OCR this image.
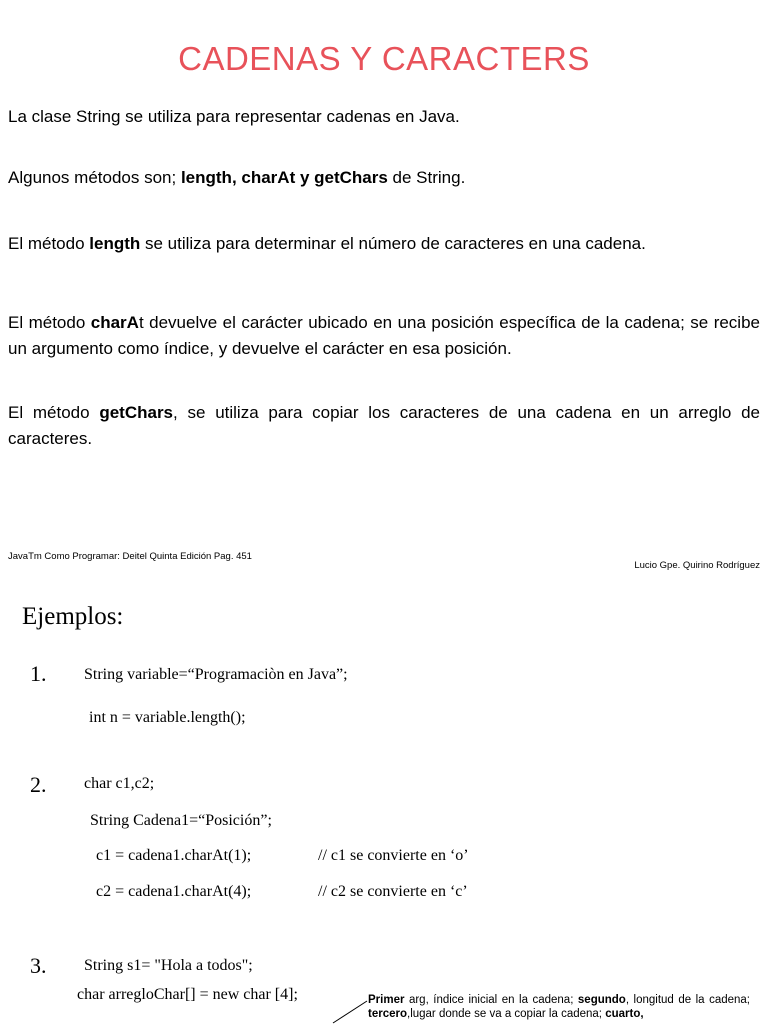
CADENAS Y CARACTERS
La clase String se utiliza para representar cadenas en Java.
Algunos métodos son; length, charAt y getChars de String.
El método length se utiliza para determinar el número de caracteres en una cadena.
El método charAt devuelve el carácter ubicado en una posición específica de la cadena; se recibe un argumento como índice, y devuelve el carácter en esa posición.
El método getChars, se utiliza para copiar los caracteres de una cadena en un arreglo de caracteres.
JavaTm Como Programar: Deitel Quinta Edición Pag. 451
Lucio Gpe. Quirino Rodríguez
Ejemplos:
1. String variable=“Programaciòn en Java”;
int n = variable.length();
2. char c1,c2;
String Cadena1=“Posición”;
c1 = cadena1.charAt(1);	// c1 se convierte en ‘o’
c2 = cadena1.charAt(4);	// c2 se convierte en ‘c’
3. String s1= "Hola a todos";
char arregloChar[] = new char [4];	Primer arg, índice inicial en la cadena; segundo, longitud de la cadena; tercero,lugar donde se va a copiar la cadena; cuarto,
